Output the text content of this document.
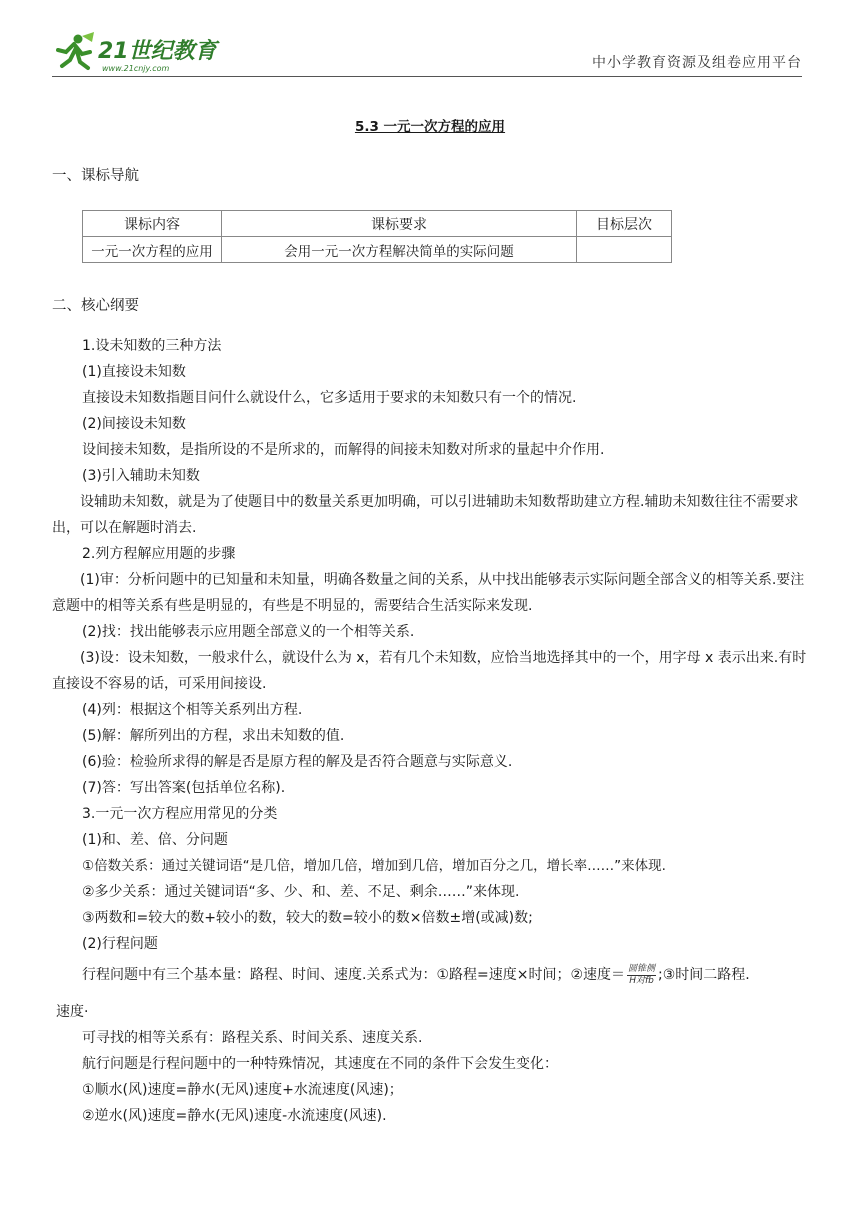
21世纪教育
www.21cnjy.com	中小学教育资源及组卷应用平台
5.3 一元一次方程的应用
一、课标导航
课标内容	课标要求	目标层次
一元一次方程的应用	会用一元一次方程解决简单的实际问题	
二、核心纲要
1.设未知数的三种方法
(1)直接设未知数
直接设未知数指题目问什么就设什么，它多适用于要求的未知数只有一个的情况.
(2)间接设未知数
设间接未知数，是指所设的不是所求的，而解得的间接未知数对所求的量起中介作用.
(3)引入辅助未知数
设辅助未知数，就是为了使题目中的数量关系更加明确，可以引进辅助未知数帮助建立方程.辅助未知数往往不需要求出，可以在解题时消去.
2.列方程解应用题的步骤
(1)审：分析问题中的已知量和未知量，明确各数量之间的关系，从中找出能够表示实际问题全部含义的相等关系.要注意题中的相等关系有些是明显的，有些是不明显的，需要结合生活实际来发现.
(2)找：找出能够表示应用题全部意义的一个相等关系.
(3)设：设未知数，一般求什么，就设什么为 x，若有几个未知数，应恰当地选择其中的一个，用字母 x 表示出来.有时直接设不容易的话，可采用间接设.
(4)列：根据这个相等关系列出方程.
(5)解：解所列出的方程，求出未知数的值.
(6)验：检验所求得的解是否是原方程的解及是否符合题意与实际意义.
(7)答：写出答案(包括单位名称).
3.一元一次方程应用常见的分类
(1)和、差、倍、分问题
①倍数关系：通过关键词语“是几倍，增加几倍，增加到几倍，增加百分之几，增长率……”来体现.
②多少关系：通过关键词语“多、少、和、差、不足、剩余……”来体现.
③两数和=较大的数+较小的数，较大的数=较小的数×倍数±增(或减)数;
(2)行程问题
行程问题中有三个基本量：路程、时间、速度.关系式为：①路程=速度×时间；②速度＝ $\frac{\text{圆锥侧}}{\text{H对fb}}$ ;③时间二路程.
速度·
可寻找的相等关系有：路程关系、时间关系、速度关系.
航行问题是行程问题中的一种特殊情况，其速度在不同的条件下会发生变化：
①顺水(风)速度=静水(无风)速度+水流速度(风速)；
②逆水(风)速度=静水(无风)速度-水流速度(风速).
